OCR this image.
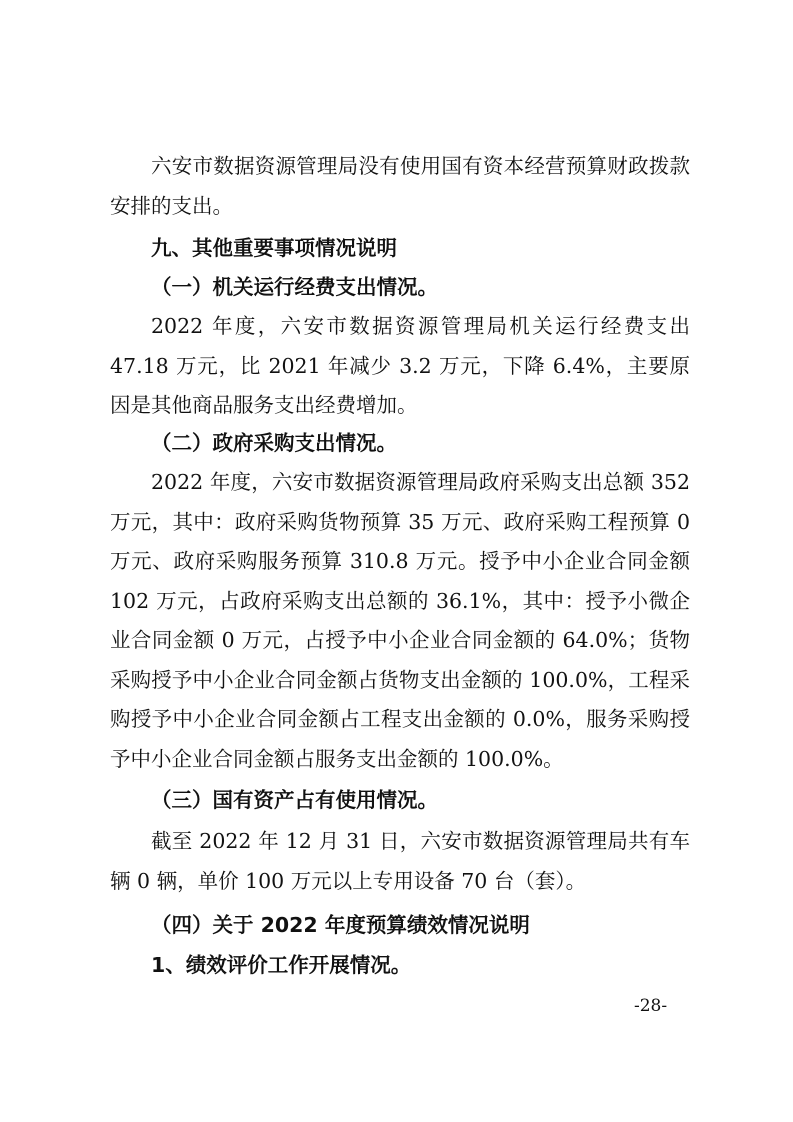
六安市数据资源管理局没有使用国有资本经营预算财政拨款安排的支出。

九、其他重要事项情况说明
（一）机关运行经费支出情况。

2022 年度，六安市数据资源管理局机关运行经费支出 47.18 万元，比 2021 年减少 3.2 万元，下降 6.4%，主要原因是其他商品服务支出经费增加。

（二）政府采购支出情况。

2022 年度，六安市数据资源管理局政府采购支出总额 352 万元，其中：政府采购货物预算 35 万元、政府采购工程预算 0 万元、政府采购服务预算 310.8 万元。授予中小企业合同金额 102 万元，占政府采购支出总额的 36.1%，其中：授予小微企业合同金额 0 万元，占授予中小企业合同金额的 64.0%；货物采购授予中小企业合同金额占货物支出金额的 100.0%，工程采购授予中小企业合同金额占工程支出金额的 0.0%，服务采购授予中小企业合同金额占服务支出金额的 100.0%。

（三）国有资产占有使用情况。

截至 2022 年 12 月 31 日，六安市数据资源管理局共有车辆 0 辆，单价 100 万元以上专用设备 70 台（套）。

（四）关于 2022 年度预算绩效情况说明
1、绩效评价工作开展情况。
-28-
